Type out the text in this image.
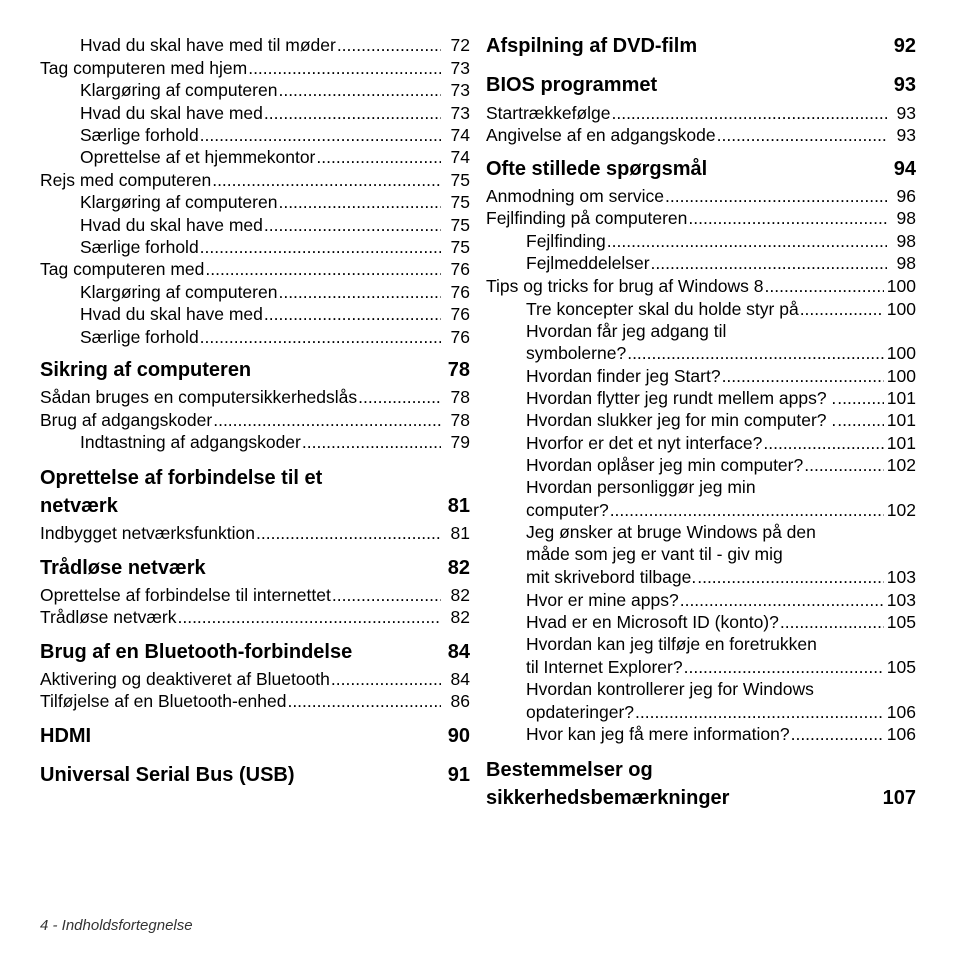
Hvad du skal have med til møder .....	72
Tag computeren med hjem .....	73
Klargøring af computeren .....	73
Hvad du skal have med .....	73
Særlige forhold .....	74
Oprettelse af et hjemmekontor .....	74
Rejs med computeren .....	75
Klargøring af computeren .....	75
Hvad du skal have med .....	75
Særlige forhold .....	75
Tag computeren med .....	76
Klargøring af computeren .....	76
Hvad du skal have med .....	76
Særlige forhold .....	76
Sikring af computeren	78
Sådan bruges en computersikkerhedslås .....	78
Brug af adgangskoder .....	78
Indtastning af adgangskoder .....	79
Oprettelse af forbindelse til et
netværk	81
Indbygget netværksfunktion .....	81
Trådløse netværk	82
Oprettelse af forbindelse til internettet .....	82
Trådløse netværk .....	82
Brug af en Bluetooth-forbindelse	84
Aktivering og deaktiveret af Bluetooth .....	84
Tilføjelse af en Bluetooth-enhed .....	86
HDMI	90
Universal Serial Bus (USB)	91
Afspilning af DVD-film	92
BIOS programmet	93
Startrækkefølge .....	93
Angivelse af en adgangskode .....	93
Ofte stillede spørgsmål	94
Anmodning om service .....	96
Fejlfinding på computeren .....	98
Fejlfinding .....	98
Fejlmeddelelser .....	98
Tips og tricks for brug af Windows 8 .....	100
Tre koncepter skal du holde styr på .....	100
Hvordan får jeg adgang til
symbolerne? .....	100
Hvordan finder jeg Start? .....	100
Hvordan flytter jeg rundt mellem apps? . .....	101
Hvordan slukker jeg for min computer? . .....	101
Hvorfor er det et nyt interface? .....	101
Hvordan oplåser jeg min computer? .....	102
Hvordan personliggør jeg min
computer? .....	102
Jeg ønsker at bruge Windows på den
måde som jeg er vant til - giv mig
mit skrivebord tilbage. .....	103
Hvor er mine apps? .....	103
Hvad er en Microsoft ID (konto)? .....	105
Hvordan kan jeg tilføje en foretrukken
til Internet Explorer? .....	105
Hvordan kontrollerer jeg for Windows
opdateringer? .....	106
Hvor kan jeg få mere information? .....	106
Bestemmelser og
sikkerhedsbemærkninger	107
4 - Indholdsfortegnelse
